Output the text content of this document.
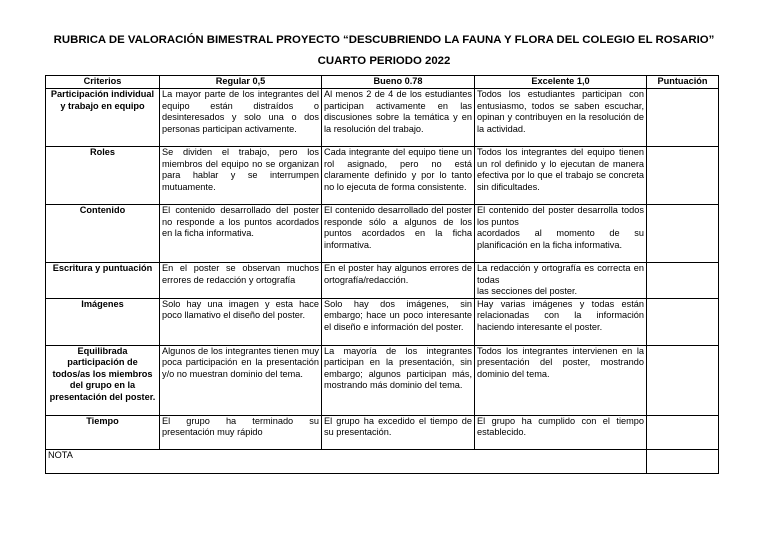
RUBRICA DE VALORACIÓN BIMESTRAL PROYECTO “DESCUBRIENDO LA FAUNA Y FLORA DEL COLEGIO EL ROSARIO”
CUARTO PERIODO 2022
Criterios	Regular 0,5	Bueno 0.78	Excelente 1,0	Puntuación
Participación individual y trabajo en equipo	La mayor parte de los integrantes del equipo están distraídos o desinteresados y solo una o dos personas participan activamente.	Al menos 2 de 4 de los estudiantes participan activamente en las discusiones sobre la temática y en la resolución del trabajo.	Todos los estudiantes participan con entusiasmo, todos se saben escuchar, opinan y contribuyen en la resolución de la actividad.	
Roles	Se dividen el trabajo, pero los miembros del equipo no se organizan para hablar y se interrumpen mutuamente.	Cada integrante del equipo tiene un rol asignado, pero no está claramente definido y por lo tanto no lo ejecuta de forma consistente.	Todos los integrantes del equipo tienen un rol definido y lo ejecutan de manera efectiva por lo que el trabajo se concreta sin dificultades.	
Contenido	El contenido desarrollado del poster no responde a los puntos acordados en la ficha informativa.	El contenido desarrollado del poster responde sólo a algunos de los puntos acordados en la ficha informativa.	El contenido del poster desarrolla todos los puntos
acordados al momento de su planificación en la ficha informativa.	
Escritura y puntuación	En el poster se observan muchos errores de redacción y ortografía	En el poster hay algunos errores de ortografía/redacción.	La redacción y ortografía es correcta en todas
las secciones del poster.	
Imágenes	Solo hay una imagen y esta hace poco llamativo el diseño del poster.	Solo hay dos imágenes, sin embargo; hace un poco interesante el diseño e información del poster.	Hay varias imágenes y todas están relacionadas con la información haciendo interesante el poster.	
Equilibrada participación de todos/as los miembros del grupo en la presentación del poster.	Algunos de los integrantes tienen muy poca participación en la presentación y/o no muestran dominio del tema.	La mayoría de los integrantes participan en la presentación, sin embargo; algunos participan más, mostrando más dominio del tema.	Todos los integrantes intervienen en la presentación del poster, mostrando dominio del tema.	
Tiempo	El grupo ha terminado su presentación muy rápido	El grupo ha excedido el tiempo de su presentación.	El grupo ha cumplido con el tiempo establecido.	
NOTA				
